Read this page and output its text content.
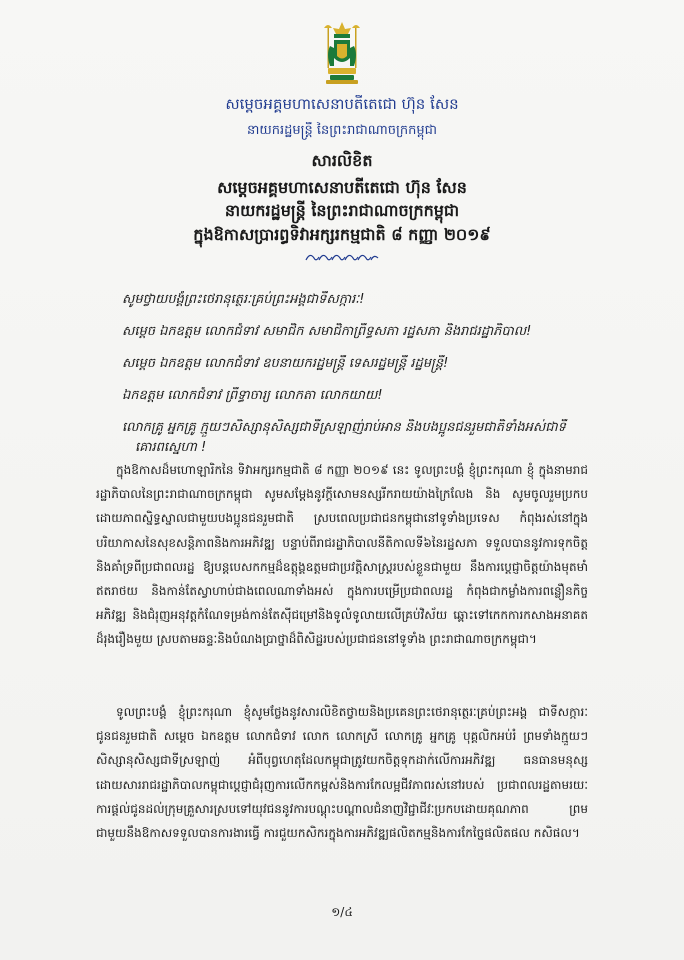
សម្តេចអគ្គមហាសេនាបតីតេជោ ហ៊ុន សែន
នាយករដ្ឋមន្ត្រី នៃព្រះរាជាណាចក្រកម្ពុជា
សារលិខិត
សម្តេចអគ្គមហាសេនាបតីតេជោ ហ៊ុន សែន
នាយករដ្ឋមន្ត្រី នៃព្រះរាជាណាចក្រកម្ពុជា
ក្នុងឱកាសប្រារព្ធទិវាអក្សរកម្មជាតិ ៨ កញ្ញា ២០១៩
សូមថ្វាយបង្គំព្រះថេរានុត្ថេរៈគ្រប់ព្រះអង្គជាទីសក្ការៈ!
សម្តេច ឯកឧត្តម លោកជំទាវ សមាជិក សមាជិកាព្រឹទ្ធសភា រដ្ឋសភា និងរាជរដ្ឋាភិបាល!
សម្តេច ឯកឧត្តម លោកជំទាវ ឧបនាយករដ្ឋមន្ត្រី ទេសរដ្ឋមន្ត្រី រដ្ឋមន្ត្រី!
ឯកឧត្តម លោកជំទាវ ព្រឹទ្ធាចារ្យ លោកតា លោកយាយ!
លោកគ្រូ អ្នកគ្រូ ក្មួយៗសិស្សានុសិស្សជាទីស្រឡាញ់រាប់អាន និងបងប្អូនជនរួមជាតិទាំងអស់ជាទី
គោរពស្នេហា !
ក្នុងឱកាសដ៏មហោឡារិកនៃ ទិវាអក្សរកម្មជាតិ ៨ កញ្ញា ២០១៩ នេះ ទូលព្រះបង្គំ ខ្ញុំព្រះករុណា ខ្ញុំ ក្នុងនាមរាជរដ្ឋាភិបាលនៃព្រះរាជាណាចក្រកម្ពុជា សូមសម្តែងនូវក្តីសោមនស្សរីករាយយ៉ាងក្រៃលែង និង សូមចូលរួមប្រកបដោយភាពស្និទ្ធស្នាលជាមួយបងប្អូនជនរួមជាតិ ស្របពេលប្រជាជនកម្ពុជានៅទូទាំងប្រទេស កំពុងរស់នៅក្នុងបរិយាកាសនៃសុខសន្តិភាពនិងការអភិវឌ្ឍ បន្ទាប់ពីរាជរដ្ឋាភិបាលនីតិកាលទី៦នៃរដ្ឋសភា ទទួលបាននូវការទុកចិត្តនិងគាំទ្រពីប្រជាពលរដ្ឋ ឱ្យបន្តបេសកកម្មដ៏ឧត្តុង្គឧត្តមជាប្រវត្តិសាស្ត្ររបស់ខ្លួនជាមួយ នឹងការប្តេជ្ញាចិត្តយ៉ាងមុតមាំឥតរាថយ និងកាន់តែស្វាហាប់ជាងពេលណាទាំងអស់ ក្នុងការបម្រើប្រជាពលរដ្ឋ កំពុងជាកម្លាំងការពន្លឿនកិច្ចអភិវឌ្ឍ និងជំរុញអនុវត្តកំណែទម្រង់កាន់តែស៊ីជម្រៅនិងទូលំទូលាយលើគ្រប់វិស័យ ឆ្ពោះទៅកេកការកសាងអនាគតដ៏រុងរឿងមួយ ស្របតាមឆន្ទៈនិងបំណងប្រាថ្នាដ៏ពិសិដ្ឋរបស់ប្រជាជននៅទូទាំង ព្រះរាជាណាចក្រកម្ពុជា។
ទូលព្រះបង្គំ ខ្ញុំព្រះករុណា ខ្ញុំសូមថ្លែងនូវសារលិខិតថ្វាយនិងប្រគេនព្រះថេរានុត្ថេរៈគ្រប់ព្រះអង្គ ជាទីសក្ការៈ ជូនជនរួមជាតិ សម្តេច ឯកឧត្តម លោកជំទាវ លោក លោកស្រី លោកគ្រូ អ្នកគ្រូ បុគ្គលិកអប់រំ ព្រមទាំងក្មួយៗសិស្សានុសិស្សជាទីស្រឡាញ់ អំពីបុព្វហេតុដែលកម្ពុជាត្រូវយកចិត្តទុកដាក់លើការអភិវឌ្ឍ ធនធានមនុស្ស ដោយសាររាជរដ្ឋាភិបាលកម្ពុជាប្តេជ្ញាជំរុញការលើកកម្ពស់និងការកែលម្អជីវភាពរស់នៅរបស់ ប្រជាពលរដ្ឋតាមរយៈការផ្តល់ជូនដល់ក្រុមគ្រួសារស្របទៅយុវជននូវការបណ្តុះបណ្តាលជំនាញវិជ្ជាជីវៈប្រកបដោយគុណភាព ព្រមជាមួយនឹងឱកាសទទួលបានការងារធ្វើ ការជួយកសិករក្នុងការអភិវឌ្ឍផលិតកម្មនិងការកែច្នៃផលិតផល កសិផល។
១/៤
